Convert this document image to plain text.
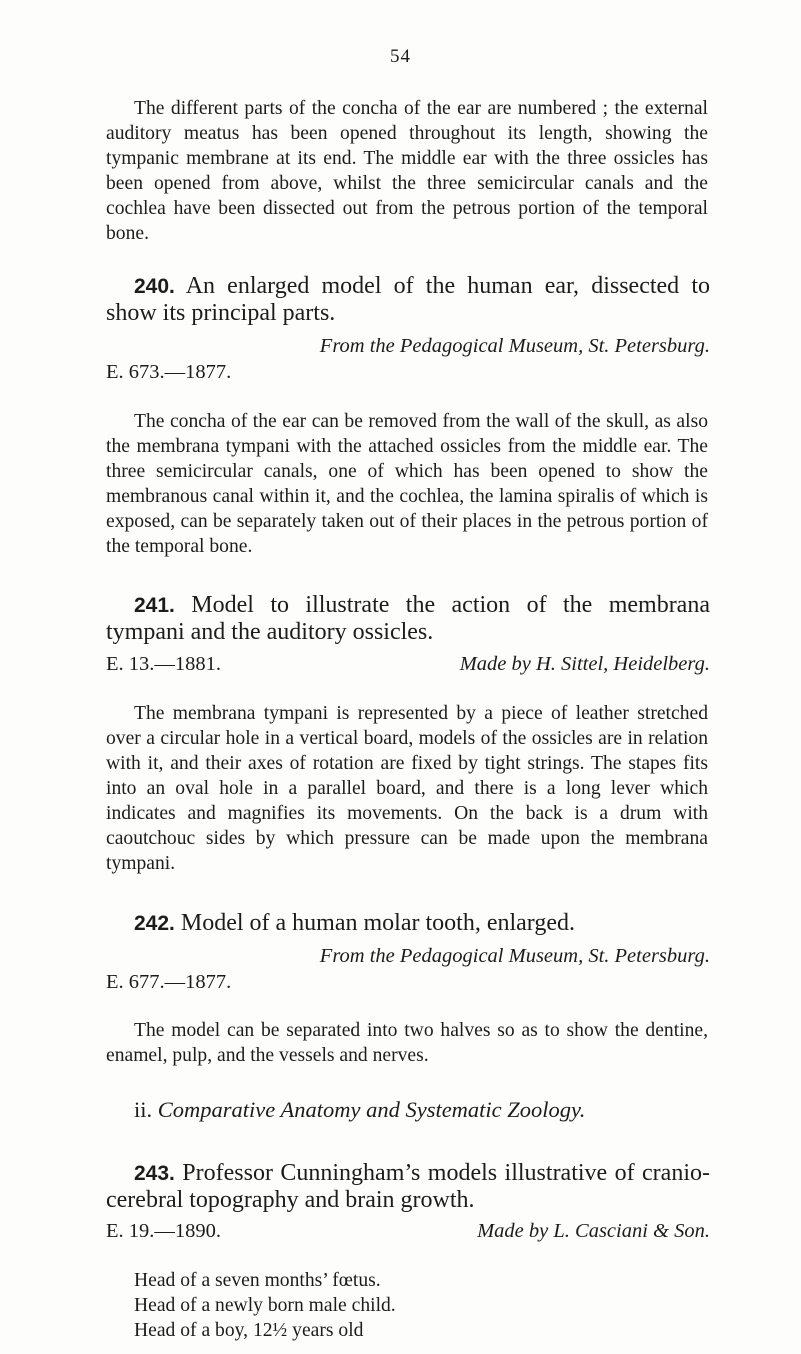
54

The different parts of the concha of the ear are numbered ; the external auditory meatus has been opened throughout its length, showing the tympanic membrane at its end. The middle ear with the three ossicles has been opened from above, whilst the three semicircular canals and the cochlea have been dissected out from the petrous portion of the temporal bone.

240. An enlarged model of the human ear, dissected to show its principal parts.

From the Pedagogical Museum, St. Petersburg.
E. 673.—1877.

The concha of the ear can be removed from the wall of the skull, as also the membrana tympani with the attached ossicles from the middle ear. The three semicircular canals, one of which has been opened to show the membranous canal within it, and the cochlea, the lamina spiralis of which is exposed, can be separately taken out of their places in the petrous portion of the temporal bone.

241. Model to illustrate the action of the membrana tympani and the auditory ossicles.

E. 13.—1881.	Made by H. Sittel, Heidelberg.

The membrana tympani is represented by a piece of leather stretched over a circular hole in a vertical board, models of the ossicles are in relation with it, and their axes of rotation are fixed by tight strings. The stapes fits into an oval hole in a parallel board, and there is a long lever which indicates and magnifies its movements. On the back is a drum with caoutchouc sides by which pressure can be made upon the membrana tympani.

242. Model of a human molar tooth, enlarged.

From the Pedagogical Museum, St. Petersburg.
E. 677.—1877.

The model can be separated into two halves so as to show the dentine, enamel, pulp, and the vessels and nerves.

ii. Comparative Anatomy and Systematic Zoology.

243. Professor Cunningham’s models illustrative of cranio-cerebral topography and brain growth.

E. 19.—1890.	Made by L. Casciani & Son.
Head of a seven months’ fœtus.
Head of a newly born male child.
Head of a boy, 12½ years old
